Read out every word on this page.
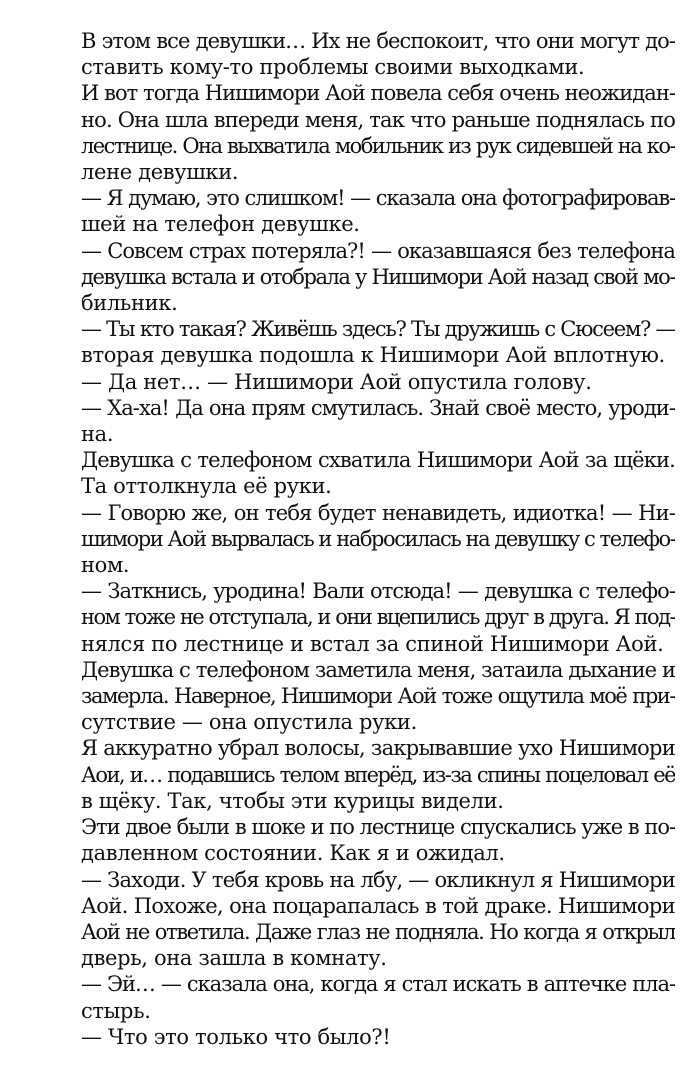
В этом все девушки… Их не беспокоит, что они могут до-
ставить кому-то проблемы своими выходками.
И вот тогда Нишимори Аой повела себя очень неожидан-
но. Она шла впереди меня, так что раньше поднялась по
лестнице. Она выхватила мобильник из рук сидевшей на ко-
лене девушки.
— Я думаю, это слишком! — сказала она фотографировав-
шей на телефон девушке.
— Совсем страх потеряла?! — оказавшаяся без телефона
девушка встала и отобрала у Нишимори Аой назад свой мо-
бильник.
— Ты кто такая? Живёшь здесь? Ты дружишь с Сюсеем? —
вторая девушка подошла к Нишимори Аой вплотную.
— Да нет… — Нишимори Аой опустила голову.
— Ха-ха! Да она прям смутилась. Знай своё место, уроди-
на.
Девушка с телефоном схватила Нишимори Аой за щёки.
Та оттолкнула её руки.
— Говорю же, он тебя будет ненавидеть, идиотка! — Ни-
шимори Аой вырвалась и набросилась на девушку с телефо-
ном.
— Заткнись, уродина! Вали отсюда! — девушка с телефо-
ном тоже не отступала, и они вцепились друг в друга. Я под-
нялся по лестнице и встал за спиной Нишимори Аой.
Девушка с телефоном заметила меня, затаила дыхание и
замерла. Наверное, Нишимори Аой тоже ощутила моё при-
сутствие — она опустила руки.
Я аккуратно убрал волосы, закрывавшие ухо Нишимори
Аои, и… подавшись телом вперёд, из-за спины поцеловал её
в щёку. Так, чтобы эти курицы видели.
Эти двое были в шоке и по лестнице спускались уже в по-
давленном состоянии. Как я и ожидал.
— Заходи. У тебя кровь на лбу, — окликнул я Нишимори
Аой. Похоже, она поцарапалась в той драке. Нишимори
Аой не ответила. Даже глаз не подняла. Но когда я открыл
дверь, она зашла в комнату.
— Эй… — сказала она, когда я стал искать в аптечке пла-
стырь.
— Что это только что было?!
